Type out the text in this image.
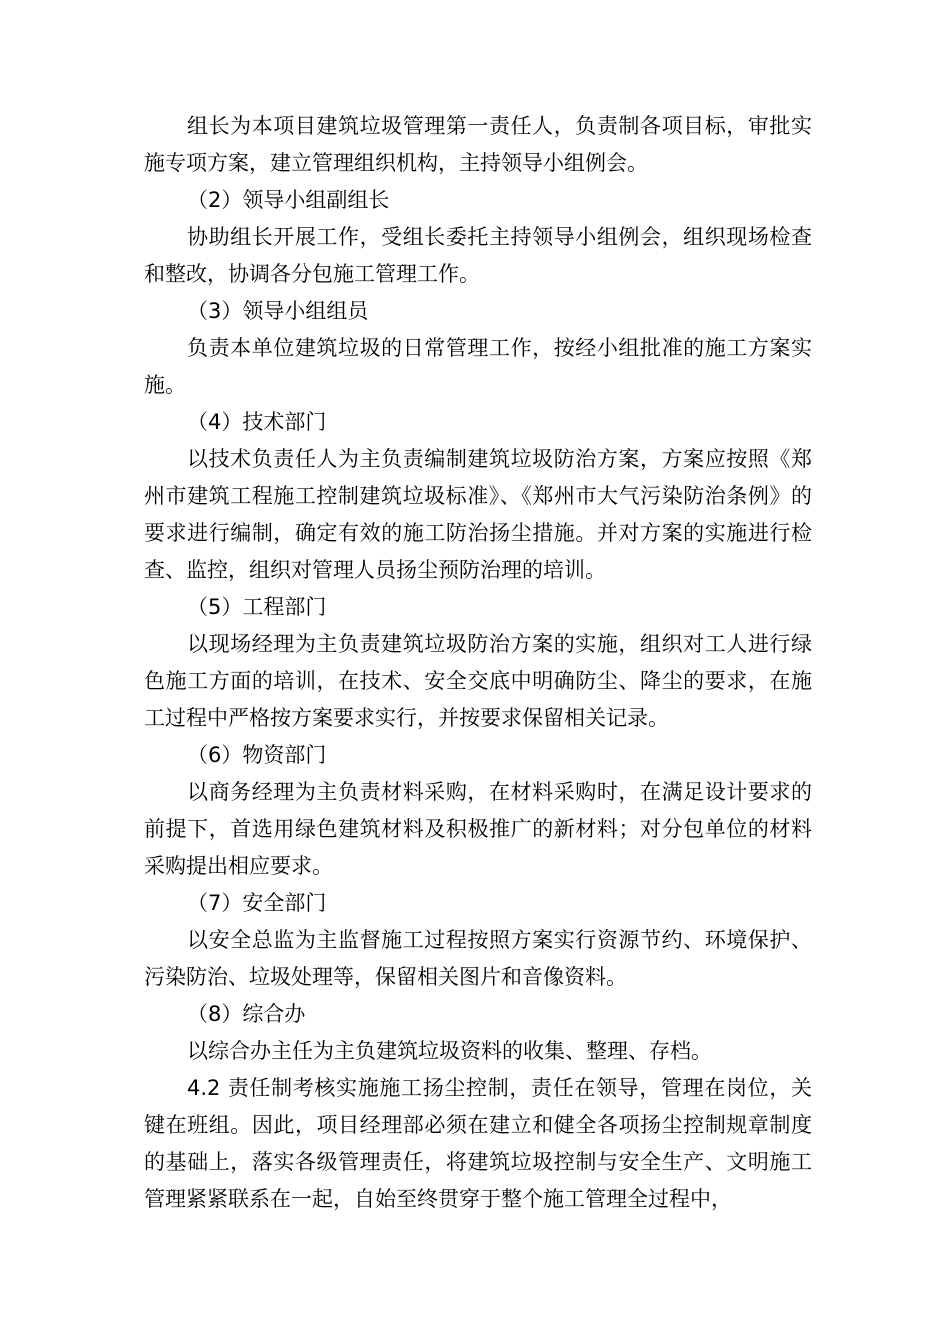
组长为本项目建筑垃圾管理第一责任人，负责制各项目标，审批实施专项方案，建立管理组织机构，主持领导小组例会。

（2）领导小组副组长

协助组长开展工作，受组长委托主持领导小组例会，组织现场检查和整改，协调各分包施工管理工作。

（3）领导小组组员

负责本单位建筑垃圾的日常管理工作，按经小组批准的施工方案实施。

（4）技术部门

以技术负责任人为主负责编制建筑垃圾防治方案，方案应按照《郑州市建筑工程施工控制建筑垃圾标准》、《郑州市大气污染防治条例》的要求进行编制，确定有效的施工防治扬尘措施。并对方案的实施进行检查、监控，组织对管理人员扬尘预防治理的培训。

（5）工程部门

以现场经理为主负责建筑垃圾防治方案的实施，组织对工人进行绿色施工方面的培训，在技术、安全交底中明确防尘、降尘的要求，在施工过程中严格按方案要求实行，并按要求保留相关记录。

（6）物资部门

以商务经理为主负责材料采购，在材料采购时，在满足设计要求的前提下，首选用绿色建筑材料及积极推广的新材料；对分包单位的材料采购提出相应要求。

（7）安全部门

以安全总监为主监督施工过程按照方案实行资源节约、环境保护、污染防治、垃圾处理等，保留相关图片和音像资料。

（8）综合办

以综合办主任为主负建筑垃圾资料的收集、整理、存档。

4.2 责任制考核实施施工扬尘控制，责任在领导，管理在岗位，关键在班组。因此，项目经理部必须在建立和健全各项扬尘控制规章制度的基础上，落实各级管理责任，将建筑垃圾控制与安全生产、文明施工管理紧紧联系在一起，自始至终贯穿于整个施工管理全过程中，
